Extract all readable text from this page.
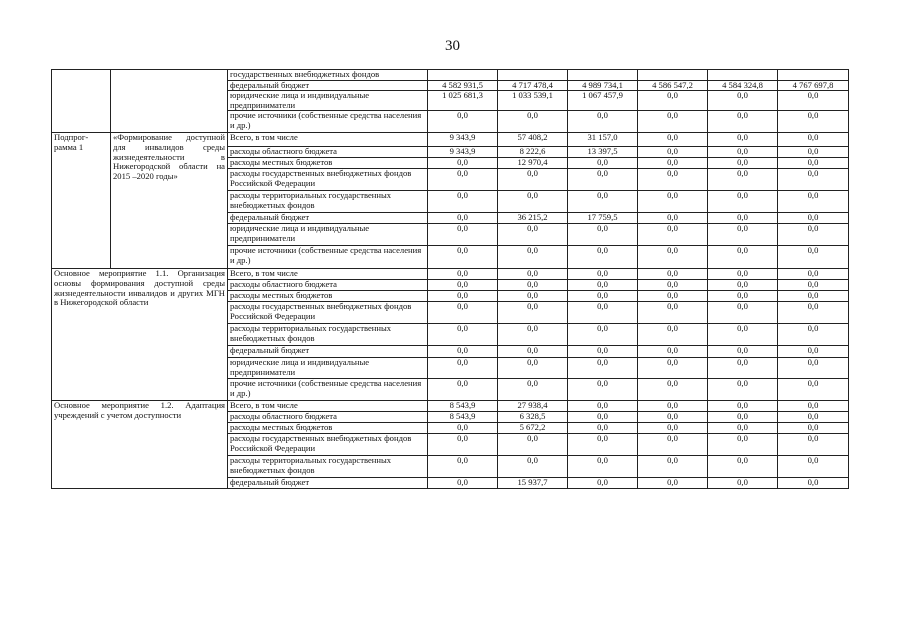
30
		государственных внебюджетных фондов						
		федеральный бюджет	4 582 931,5	4 717 478,4	4 989 734,1	4 586 547,2	4 584 324,8	4 767 697,8
		юридические лица и индивидуальные предприниматели	1 025 681,3	1 033 539,1	1 067 457,9	0,0	0,0	0,0
		прочие источники (собственные средства населения и др.)	0,0	0,0	0,0	0,0	0,0	0,0
Подпрог-
рамма 1	«Формирование доступной для инвалидов среды жизнедеятельности в Нижегородской области на 2015 –2020 годы»	Всего, в том числе	9 343,9	57 408,2	31 157,0	0,0	0,0	0,0
		расходы областного бюджета	9 343,9	8 222,6	13 397,5	0,0	0,0	0,0
		расходы местных бюджетов	0,0	12 970,4	0,0	0,0	0,0	0,0
		расходы государственных внебюджетных фондов Российской Федерации	0,0	0,0	0,0	0,0	0,0	0,0
		расходы территориальных государственных внебюджетных фондов	0,0	0,0	0,0	0,0	0,0	0,0
		федеральный бюджет	0,0	36 215,2	17 759,5	0,0	0,0	0,0
		юридические лица и индивидуальные предприниматели	0,0	0,0	0,0	0,0	0,0	0,0
		прочие источники (собственные средства населения и др.)	0,0	0,0	0,0	0,0	0,0	0,0
Основное мероприятие 1.1. Организация основы формирования доступной среды жизнедеятельности инвалидов и других МГН в Нижегородской области		Всего, в том числе	0,0	0,0	0,0	0,0	0,0	0,0
		расходы областного бюджета	0,0	0,0	0,0	0,0	0,0	0,0
		расходы местных бюджетов	0,0	0,0	0,0	0,0	0,0	0,0
		расходы государственных внебюджетных фондов Российской Федерации	0,0	0,0	0,0	0,0	0,0	0,0
		расходы территориальных государственных внебюджетных фондов	0,0	0,0	0,0	0,0	0,0	0,0
		федеральный бюджет	0,0	0,0	0,0	0,0	0,0	0,0
		юридические лица и индивидуальные предприниматели	0,0	0,0	0,0	0,0	0,0	0,0
		прочие источники (собственные средства населения и др.)	0,0	0,0	0,0	0,0	0,0	0,0
Основное мероприятие 1.2. Адаптация учреждений с учетом доступности		Всего, в том числе	8 543,9	27 938,4	0,0	0,0	0,0	0,0
		расходы областного бюджета	8 543,9	6 328,5	0,0	0,0	0,0	0,0
		расходы местных бюджетов	0,0	5 672,2	0,0	0,0	0,0	0,0
		расходы государственных внебюджетных фондов Российской Федерации	0,0	0,0	0,0	0,0	0,0	0,0
		расходы территориальных государственных внебюджетных фондов	0,0	0,0	0,0	0,0	0,0	0,0
		федеральный бюджет	0,0	15 937,7	0,0	0,0	0,0	0,0
